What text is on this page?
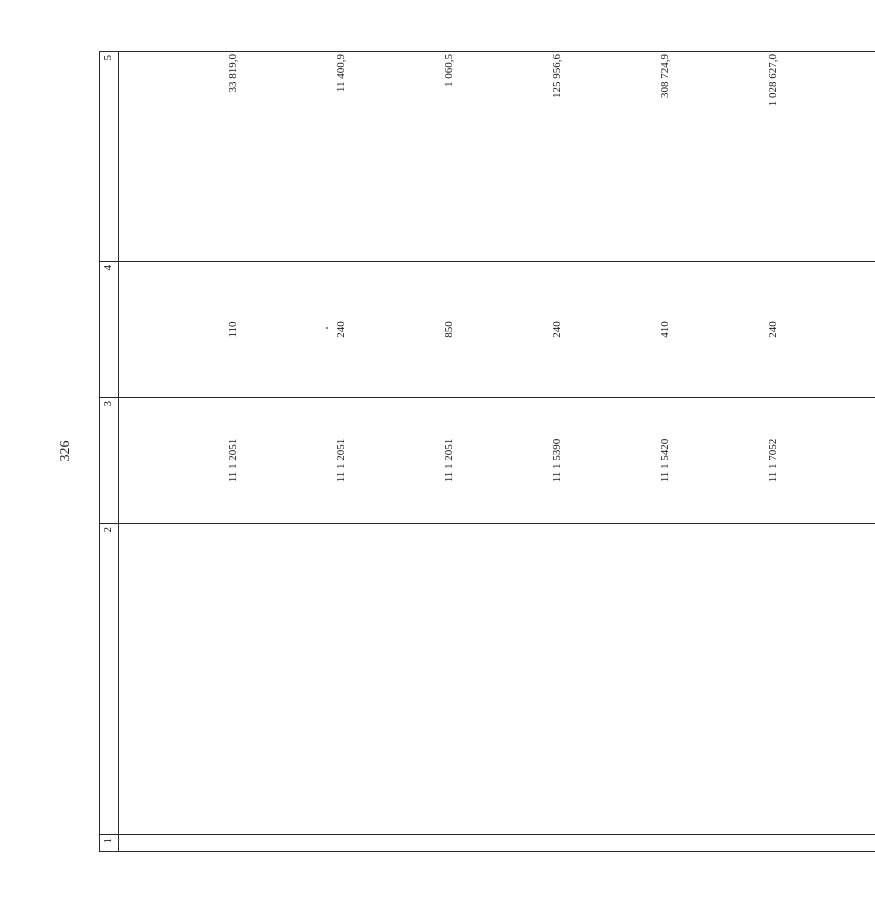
326
1	2	3	4	5

		11 1 2051	110	33 819,0

		11 1 2051	240	11 400,9

		11 1 2051	850	1 060,5

		11 1 5390	240	125 956,6

		11 1 5420	410	308 724,9

		11 1 7052	240	1 028 627,0
